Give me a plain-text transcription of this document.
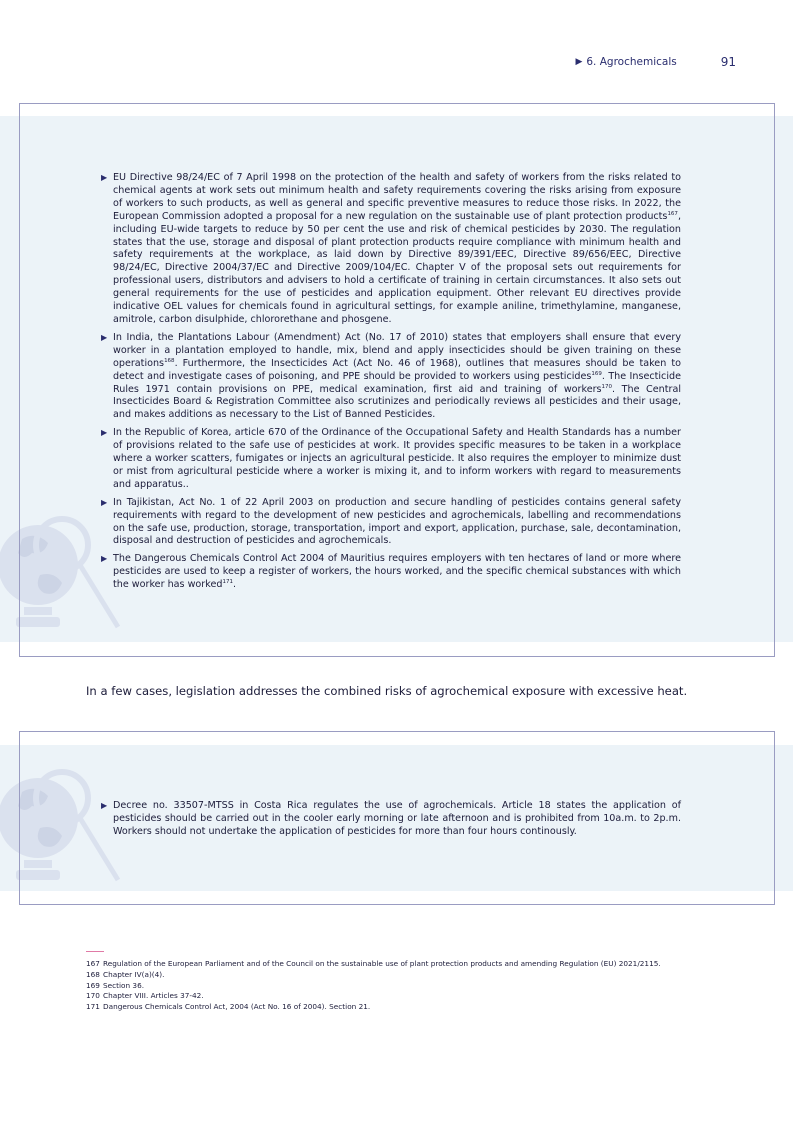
▶ 6. Agrochemicals	91
▶ EU Directive 98/24/EC of 7 April 1998 on the protection of the health and safety of workers from the risks related to chemical agents at work sets out minimum health and safety requirements covering the risks arising from exposure of workers to such products, as well as general and specific preventive measures to reduce those risks. In 2022, the European Commission adopted a proposal for a new regulation on the sustainable use of plant protection products$^{167}$, including EU-wide targets to reduce by 50 per cent the use and risk of chemical pesticides by 2030. The regulation states that the use, storage and disposal of plant protection products require compliance with minimum health and safety requirements at the workplace, as laid down by Directive 89/391/EEC, Directive 89/656/EEC, Directive 98/24/EC, Directive 2004/37/EC and Directive 2009/104/EC. Chapter V of the proposal sets out requirements for professional users, distributors and advisers to hold a certificate of training in certain circumstances. It also sets out general requirements for the use of pesticides and application equipment. Other relevant EU directives provide indicative OEL values for chemicals found in agricultural settings, for example aniline, trimethylamine, manganese, amitrole, carbon disulphide, chlororethane and phosgene.
▶ In India, the Plantations Labour (Amendment) Act (No. 17 of 2010) states that employers shall ensure that every worker in a plantation employed to handle, mix, blend and apply insecticides should be given training on these operations$^{168}$. Furthermore, the Insecticides Act (Act No. 46 of 1968), outlines that measures should be taken to detect and investigate cases of poisoning, and PPE should be provided to workers using pesticides$^{169}$. The Insecticide Rules 1971 contain provisions on PPE, medical examination, first aid and training of workers$^{170}$. The Central Insecticides Board & Registration Committee also scrutinizes and periodically reviews all pesticides and their usage, and makes additions as necessary to the List of Banned Pesticides.
▶ In the Republic of Korea, article 670 of the Ordinance of the Occupational Safety and Health Standards has a number of provisions related to the safe use of pesticides at work. It provides specific measures to be taken in a workplace where a worker scatters, fumigates or injects an agricultural pesticide. It also requires the employer to minimize dust or mist from agricultural pesticide where a worker is mixing it, and to inform workers with regard to measurements and apparatus..
▶ In Tajikistan, Act No. 1 of 22 April 2003 on production and secure handling of pesticides contains general safety requirements with regard to the development of new pesticides and agrochemicals, labelling and recommendations on the safe use, production, storage, transportation, import and export, application, purchase, sale, decontamination, disposal and destruction of pesticides and agrochemicals.
▶ The Dangerous Chemicals Control Act 2004 of Mauritius requires employers with ten hectares of land or more where pesticides are used to keep a register of workers, the hours worked, and the specific chemical substances with which the worker has worked$^{171}$.
In a few cases, legislation addresses the combined risks of agrochemical exposure with excessive heat.
▶ Decree no. 33507-MTSS in Costa Rica regulates the use of agrochemicals. Article 18 states the application of pesticides should be carried out in the cooler early morning or late afternoon and is prohibited from 10a.m. to 2p.m. Workers should not undertake the application of pesticides for more than four hours continously.
167 Regulation of the European Parliament and of the Council on the sustainable use of plant protection products and amending Regulation (EU) 2021/2115.
168 Chapter IV(a)(4).
169 Section 36.
170 Chapter VIII. Articles 37-42.
171 Dangerous Chemicals Control Act, 2004 (Act No. 16 of 2004). Section 21.
